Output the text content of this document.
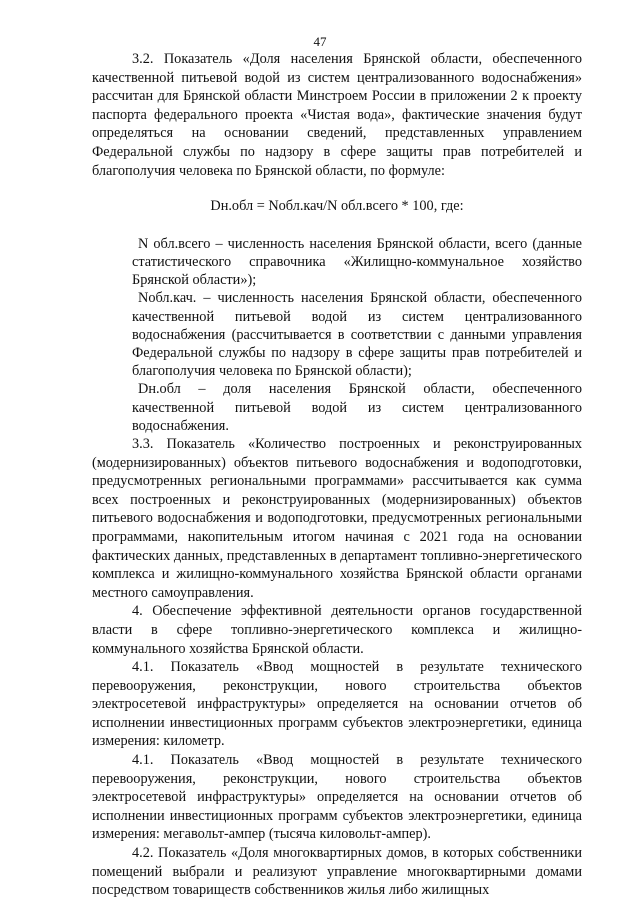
47

3.2. Показатель «Доля населения Брянской области, обеспеченного качественной питьевой водой из систем централизованного водоснабжения» рассчитан для Брянской области Минстроем России в приложении 2 к проекту паспорта федерального проекта «Чистая вода», фактические значения будут определяться на основании сведений, представленных управлением Федеральной службы по надзору в сфере защиты прав потребителей и благополучия человека по Брянской области, по формуле:

Dн.обл = Nобл.кач/N обл.всего * 100, где:

N обл.всего – численность населения Брянской области, всего (данные статистического справочника «Жилищно-коммунальное хозяйство Брянской области»);

Nобл.кач. – численность населения Брянской области, обеспеченного качественной питьевой водой из систем централизованного водоснабжения (рассчитывается в соответствии с данными управления Федеральной службы по надзору в сфере защиты прав потребителей и благополучия человека по Брянской области);

Dн.обл – доля населения Брянской области, обеспеченного качественной питьевой водой из систем централизованного водоснабжения.

3.3. Показатель «Количество построенных и реконструированных (модернизированных) объектов питьевого водоснабжения и водоподготовки, предусмотренных региональными программами» рассчитывается как сумма всех построенных и реконструированных (модернизированных) объектов питьевого водоснабжения и водоподготовки, предусмотренных региональными программами, накопительным итогом начиная с 2021 года на основании фактических данных, представленных в департамент топливно-энергетического комплекса и жилищно-коммунального хозяйства Брянской области органами местного самоуправления.

4. Обеспечение эффективной деятельности органов государственной власти в сфере топливно-энергетического комплекса и жилищно-коммунального хозяйства Брянской области.

4.1. Показатель «Ввод мощностей в результате технического перевооружения, реконструкции, нового строительства объектов электросетевой инфраструктуры» определяется на основании отчетов об исполнении инвестиционных программ субъектов электроэнергетики, единица измерения: километр.

4.1. Показатель «Ввод мощностей в результате технического перевооружения, реконструкции, нового строительства объектов электросетевой инфраструктуры» определяется на основании отчетов об исполнении инвестиционных программ субъектов электроэнергетики, единица измерения: мегавольт-ампер (тысяча киловольт-ампер).

4.2. Показатель «Доля многоквартирных домов, в которых собственники помещений выбрали и реализуют управление многоквартирными домами посредством товариществ собственников жилья либо жилищных
